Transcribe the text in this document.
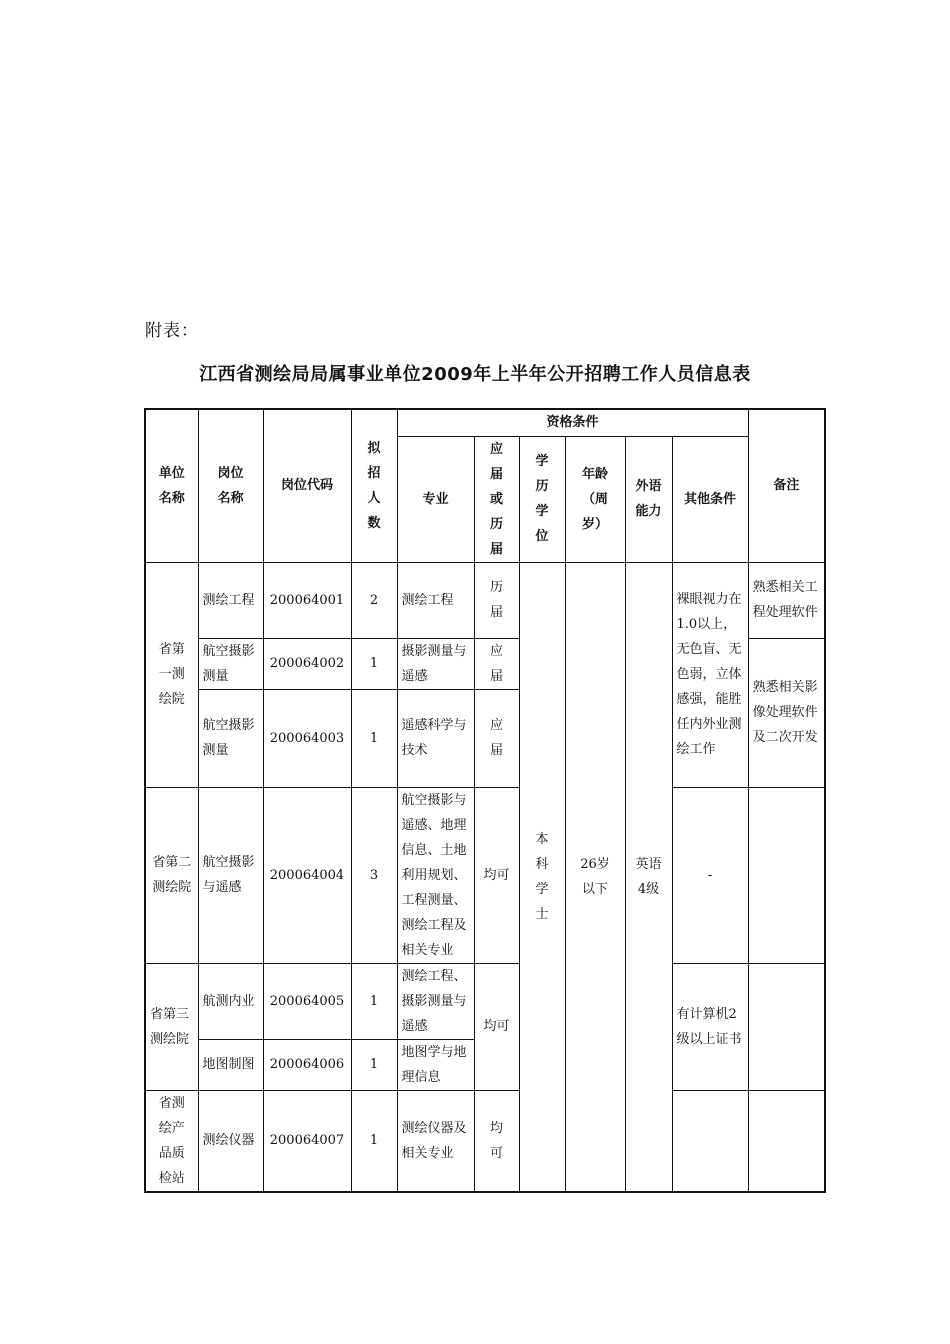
附表：
江西省测绘局局属事业单位2009年上半年公开招聘工作人员信息表
单位名称	岗位名称	岗位代码	拟招人数	资格条件						备注
				专业	应届或历届	学历学位	年龄（周岁）	外语能力	其他条件	
省第一测绘院	测绘工程	200064001	2	测绘工程	历届	本科学士	26岁以下	英语4级	裸眼视力在1.0以上，无色盲、无色弱，立体感强，能胜任内外业测绘工作	熟悉相关工程处理软件
	航空摄影测量	200064002	1	摄影测量与遥感	应届					熟悉相关影像处理软件及二次开发
	航空摄影测量	200064003	1	遥感科学与技术	应届					
省第二测绘院	航空摄影与遥感	200064004	3	航空摄影与遥感、地理信息、土地利用规划、工程测量、测绘工程及相关专业	均可				-	
省第三测绘院	航测内业	200064005	1	测绘工程、摄影测量与遥感	均可				有计算机2级以上证书	
	地图制图	200064006	1	地图学与地理信息						
省测绘产品质检站	测绘仪器	200064007	1	测绘仪器及相关专业	均可					
